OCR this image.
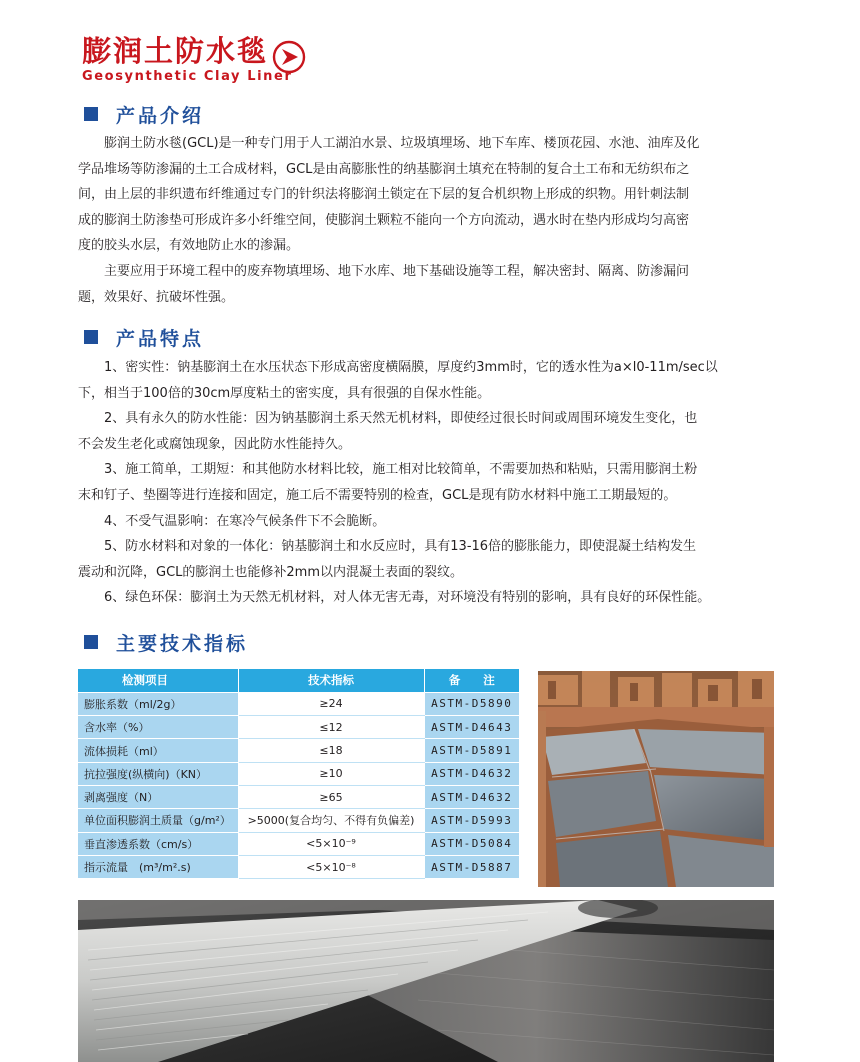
膨润土防水毯
Geosynthetic Clay Liner
产品介绍
膨润土防水毯(GCL)是一种专门用于人工湖泊水景、垃圾填埋场、地下车库、楼顶花园、水池、油库及化
学品堆场等防渗漏的土工合成材料，GCL是由高膨胀性的纳基膨润土填充在特制的复合土工布和无纺织布之
间，由上层的非织遗布纤维通过专门的针织法将膨润土锁定在下层的复合机织物上形成的织物。用针刺法制
成的膨润土防渗垫可形成许多小纤维空间，使膨润土颗粒不能向一个方向流动，遇水时在垫内形成均匀高密
度的胶头水层，有效地防止水的渗漏。
主要应用于环境工程中的废弃物填埋场、地下水库、地下基础设施等工程，解决密封、隔离、防渗漏问
题，效果好、抗破坏性强。
产品特点
1、密实性：钠基膨润土在水压状态下形成高密度横隔膜，厚度约3mm时，它的透水性为a×l0-11m/sec以
下，相当于100倍的30cm厚度粘土的密实度，具有很强的自保水性能。
2、具有永久的防水性能：因为钠基膨润土系天然无机材料，即使经过很长时间或周围环境发生变化，也
不会发生老化或腐蚀现象，因此防水性能持久。
3、施工简单，工期短：和其他防水材料比较，施工相对比较简单，不需要加热和粘贴，只需用膨润土粉
末和钉子、垫圈等进行连接和固定，施工后不需要特别的检查，GCL是现有防水材料中施工工期最短的。
4、不受气温影响：在寒冷气候条件下不会脆断。
5、防水材料和对象的一体化：钠基膨润土和水反应时，具有13-16倍的膨胀能力，即使混凝土结构发生
震动和沉降，GCL的膨润土也能修补2mm以内混凝土表面的裂纹。
6、绿色环保：膨润土为天然无机材料，对人体无害无毒，对环境没有特别的影响，具有良好的环保性能。
主要技术指标
检测项目	技术指标	备　　注
膨胀系数（ml/2g）	≥24	ASTM-D5890
含水率（%）	≤12	ASTM-D4643
流体损耗（ml）	≤18	ASTM-D5891
抗拉强度(纵横向)（KN）	≥10	ASTM-D4632
剥离强度（N）	≥65	ASTM-D4632
单位面积膨润土质量（g/m²）	>5000(复合均匀、不得有负偏差)	ASTM-D5993
垂直渗透系数（cm/s）	<5×10⁻⁹	ASTM-D5084
指示流量　(m³/m².s)	<5×10⁻⁸	ASTM-D5887
